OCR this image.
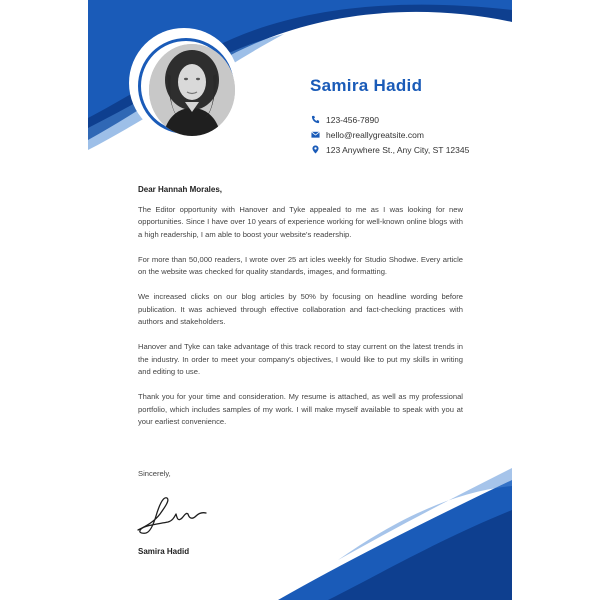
Samira Hadid
123-456-7890
hello@reallygreatsite.com
123 Anywhere St., Any City, ST 12345

Dear Hannah Morales,

The Editor opportunity with Hanover and Tyke appealed to me as I was looking for new opportunities. Since I have over 10 years of experience working for well-known online blogs with a high readership, I am able to boost your website's readership.

For more than 50,000 readers, I wrote over 25 art icles weekly for Studio Shodwe. Every article on the website was checked for quality standards, images, and formatting.

We increased clicks on our blog articles by 50% by focusing on headline wording before publication. It was achieved through effective collaboration and fact-checking practices with authors and stakeholders.

Hanover and Tyke can take advantage of this track record to stay current on the latest trends in the industry. In order to meet your company's objectives, I would like to put my skills in writing and editing to use.

Thank you for your time and consideration. My resume is attached, as well as my professional portfolio, which includes samples of my work. I will make myself available to speak with you at your earliest convenience.

Sincerely,

Samira Hadid
